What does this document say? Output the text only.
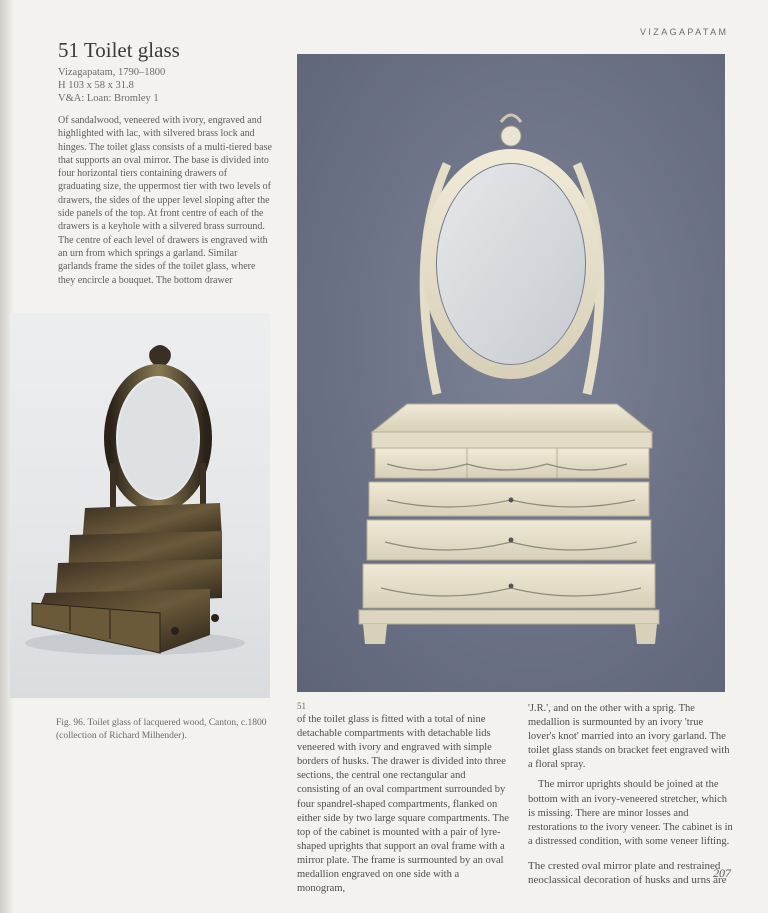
VIZAGAPATAM
51 Toilet glass
Vizagapatam, 1790–1800
H 103 x 58 x 31.8
V&A: Loan: Bromley 1
Of sandalwood, veneered with ivory, engraved and highlighted with lac, with silvered brass lock and hinges. The toilet glass consists of a multi-tiered base that supports an oval mirror. The base is divided into four horizontal tiers containing drawers of graduating size, the uppermost tier with two levels of drawers, the sides of the upper level sloping after the side panels of the top. At front centre of each of the drawers is a keyhole with a silvered brass surround. The centre of each level of drawers is engraved with an urn from which springs a garland. Similar garlands frame the sides of the toilet glass, where they encircle a bouquet. The bottom drawer
Fig. 96. Toilet glass of lacquered wood, Canton, c.1800 (collection of Richard Milhender).
51
of the toilet glass is fitted with a total of nine detachable compartments with detachable lids veneered with ivory and engraved with simple borders of husks. The drawer is divided into three sections, the central one rectangular and consisting of an oval compartment surrounded by four spandrel-shaped compartments, flanked on either side by two large square compartments. The top of the cabinet is mounted with a pair of lyre-shaped uprights that support an oval frame with a mirror plate. The frame is surmounted by an oval medallion engraved on one side with a monogram,

'J.R.', and on the other with a sprig. The medallion is surmounted by an ivory 'true lover's knot' married into an ivory garland. The toilet glass stands on bracket feet engraved with a floral spray.

The mirror uprights should be joined at the bottom with an ivory-veneered stretcher, which is missing. There are minor losses and restorations to the ivory veneer. The cabinet is in a distressed condition, with some veneer lifting.

The crested oval mirror plate and restrained neoclassical decoration of husks and urns are

207
